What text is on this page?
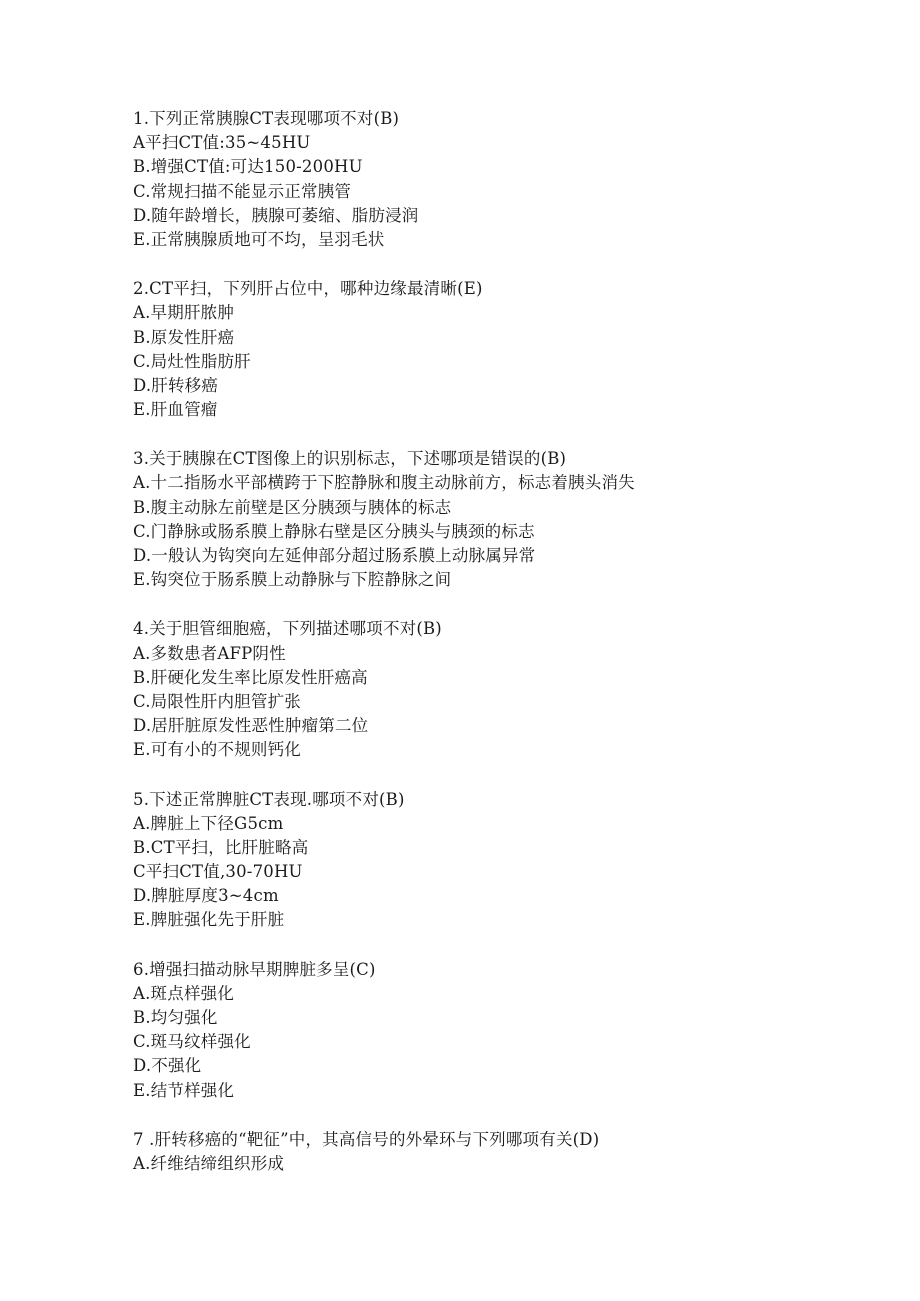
1.下列正常胰腺CT表现哪项不对(B)
A平扫CT值:35~45HU
B.增强CT值:可达150-200HU
C.常规扫描不能显示正常胰管
D.随年龄增长，胰腺可萎缩、脂肪浸润
E.正常胰腺质地可不均，呈羽毛状
2.CT平扫，下列肝占位中，哪种边缘最清晰(E)
A.早期肝脓肿
B.原发性肝癌
C.局灶性脂肪肝
D.肝转移癌
E.肝血管瘤
3.关于胰腺在CT图像上的识别标志，下述哪项是错误的(B)
A.十二指肠水平部横跨于下腔静脉和腹主动脉前方，标志着胰头消失
B.腹主动脉左前壁是区分胰颈与胰体的标志
C.门静脉或肠系膜上静脉右壁是区分胰头与胰颈的标志
D.一般认为钩突向左延伸部分超过肠系膜上动脉属异常
E.钩突位于肠系膜上动静脉与下腔静脉之间
4.关于胆管细胞癌，下列描述哪项不对(B)
A.多数患者AFP阴性
B.肝硬化发生率比原发性肝癌高
C.局限性肝内胆管扩张
D.居肝脏原发性恶性肿瘤第二位
E.可有小的不规则钙化
5.下述正常脾脏CT表现.哪项不对(B)
A.脾脏上下径G5cm
B.CT平扫，比肝脏略高
C平扫CT值,30-70HU
D.脾脏厚度3~4cm
E.脾脏强化先于肝脏
6.增强扫描动脉早期脾脏多呈(C)
A.斑点样强化
B.均匀强化
C.斑马纹样强化
D.不强化
E.结节样强化
7 .肝转移癌的“靶征”中，其高信号的外晕环与下列哪项有关(D)
A.纤维结缔组织形成
